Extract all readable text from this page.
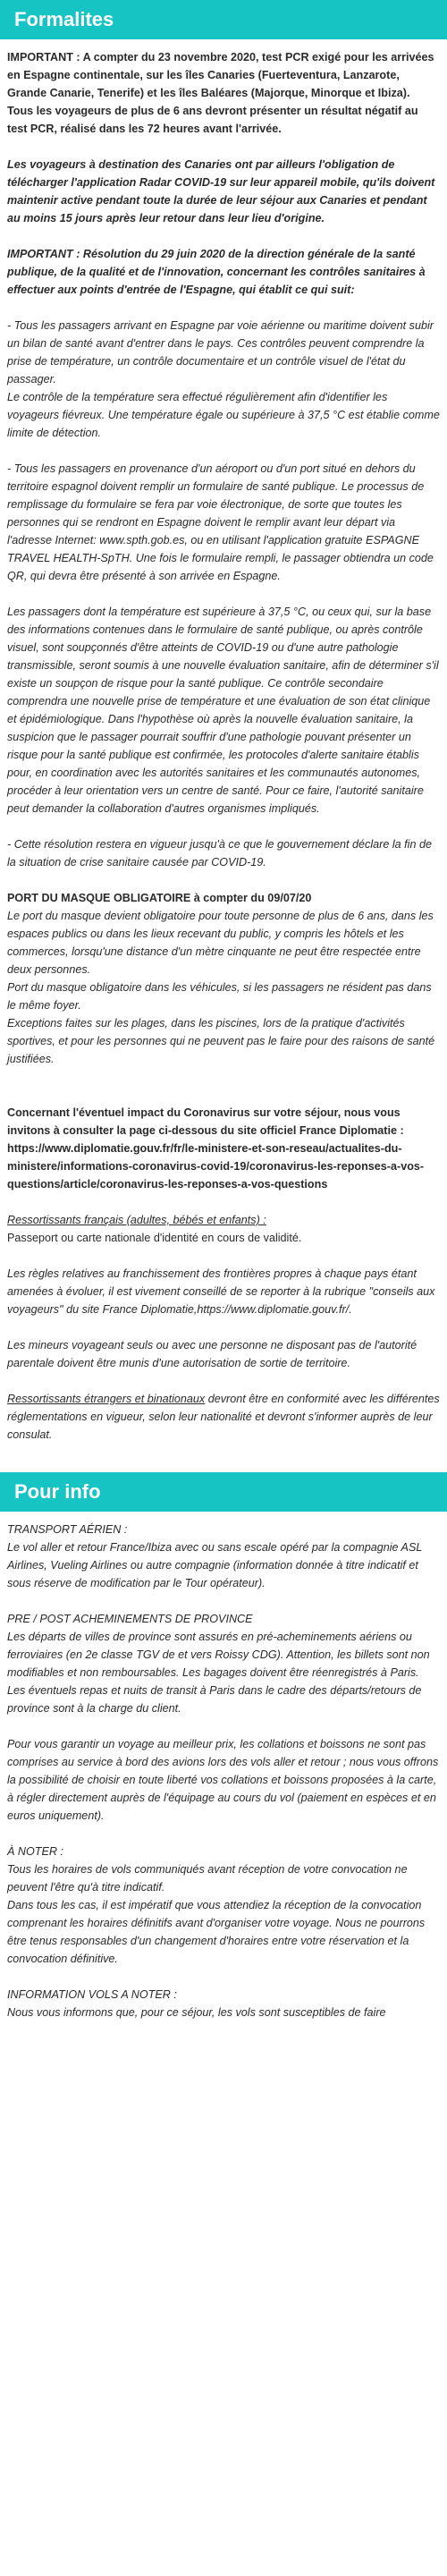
Formalites

IMPORTANT : A compter du 23 novembre 2020, test PCR exigé pour les arrivées en Espagne continentale, sur les îles Canaries (Fuerteventura, Lanzarote, Grande Canarie, Tenerife) et les îles Baléares (Majorque, Minorque et Ibiza).
Tous les voyageurs de plus de 6 ans devront présenter un résultat négatif au test PCR, réalisé dans les 72 heures avant l'arrivée.

Les voyageurs à destination des Canaries ont par ailleurs l'obligation de télécharger l'application Radar COVID-19 sur leur appareil mobile, qu'ils doivent maintenir active pendant toute la durée de leur séjour aux Canaries et pendant au moins 15 jours après leur retour dans leur lieu d'origine.

IMPORTANT : Résolution du 29 juin 2020 de la direction générale de la santé publique, de la qualité et de l'innovation, concernant les contrôles sanitaires à effectuer aux points d'entrée de l'Espagne, qui établit ce qui suit:

- Tous les passagers arrivant en Espagne par voie aérienne ou maritime doivent subir un bilan de santé avant d'entrer dans le pays. Ces contrôles peuvent comprendre la prise de température, un contrôle documentaire et un contrôle visuel de l'état du passager.
Le contrôle de la température sera effectué régulièrement afin d'identifier les voyageurs fiévreux. Une température égale ou supérieure à 37,5 °C est établie comme limite de détection.

- Tous les passagers en provenance d'un aéroport ou d'un port situé en dehors du territoire espagnol doivent remplir un formulaire de santé publique. Le processus de remplissage du formulaire se fera par voie électronique, de sorte que toutes les personnes qui se rendront en Espagne doivent le remplir avant leur départ via l'adresse Internet: www.spth.gob.es, ou en utilisant l'application gratuite ESPAGNE TRAVEL HEALTH-SpTH. Une fois le formulaire rempli, le passager obtiendra un code QR, qui devra être présenté à son arrivée en Espagne.

Les passagers dont la température est supérieure à 37,5 °C, ou ceux qui, sur la base des informations contenues dans le formulaire de santé publique, ou après contrôle visuel, sont soupçonnés d'être atteints de COVID-19 ou d'une autre pathologie transmissible, seront soumis à une nouvelle évaluation sanitaire, afin de déterminer s'il existe un soupçon de risque pour la santé publique. Ce contrôle secondaire comprendra une nouvelle prise de température et une évaluation de son état clinique et épidémiologique. Dans l'hypothèse où après la nouvelle évaluation sanitaire, la suspicion que le passager pourrait souffrir d'une pathologie pouvant présenter un risque pour la santé publique est confirmée, les protocoles d'alerte sanitaire établis pour, en coordination avec les autorités sanitaires et les communautés autonomes, procéder à leur orientation vers un centre de santé. Pour ce faire, l'autorité sanitaire peut demander la collaboration d'autres organismes impliqués.

- Cette résolution restera en vigueur jusqu'à ce que le gouvernement déclare la fin de la situation de crise sanitaire causée par COVID-19.

PORT DU MASQUE OBLIGATOIRE à compter du 09/07/20
Le port du masque devient obligatoire pour toute personne de plus de 6 ans, dans les espaces publics ou dans les lieux recevant du public, y compris les hôtels et les commerces, lorsqu'une distance d'un mètre cinquante ne peut être respectée entre deux personnes.
Port du masque obligatoire dans les véhicules, si les passagers ne résident pas dans le même foyer.
Exceptions faites sur les plages, dans les piscines, lors de la pratique d'activités sportives, et pour les personnes qui ne peuvent pas le faire pour des raisons de santé justifiées.

Concernant l'éventuel impact du Coronavirus sur votre séjour, nous vous invitons à consulter la page ci-dessous du site officiel France Diplomatie : https://www.diplomatie.gouv.fr/fr/le-ministere-et-son-reseau/actualites-du-ministere/informations-coronavirus-covid-19/coronavirus-les-reponses-a-vos-questions/article/coronavirus-les-reponses-a-vos-questions

Ressortissants français (adultes, bébés et enfants) :
Passeport ou carte nationale d'identité en cours de validité.

Les règles relatives au franchissement des frontières propres à chaque pays étant amenées à évoluer, il est vivement conseillé de se reporter à la rubrique "conseils aux voyageurs" du site France Diplomatie,https://www.diplomatie.gouv.fr/.

Les mineurs voyageant seuls ou avec une personne ne disposant pas de l'autorité parentale doivent être munis d'une autorisation de sortie de territoire.

Ressortissants étrangers et binationaux devront être en conformité avec les différentes réglementations en vigueur, selon leur nationalité et devront s'informer auprès de leur consulat.

Pour info

TRANSPORT AÉRIEN :
Le vol aller et retour France/Ibiza avec ou sans escale opéré par la compagnie ASL Airlines, Vueling Airlines ou autre compagnie (information donnée à titre indicatif et sous réserve de modification par le Tour opérateur).

PRE / POST ACHEMINEMENTS DE PROVINCE
Les départs de villes de province sont assurés en pré-acheminements aériens ou ferroviaires (en 2e classe TGV de et vers Roissy CDG). Attention, les billets sont non modifiables et non remboursables. Les bagages doivent être réenregistrés à Paris. Les éventuels repas et nuits de transit à Paris dans le cadre des départs/retours de province sont à la charge du client.

Pour vous garantir un voyage au meilleur prix, les collations et boissons ne sont pas comprises au service à bord des avions lors des vols aller et retour ; nous vous offrons la possibilité de choisir en toute liberté vos collations et boissons proposées à la carte, à régler directement auprès de l'équipage au cours du vol (paiement en espèces et en euros uniquement).

À NOTER :
Tous les horaires de vols communiqués avant réception de votre convocation ne peuvent l'être qu'à titre indicatif.
Dans tous les cas, il est impératif que vous attendiez la réception de la convocation comprenant les horaires définitifs avant d'organiser votre voyage. Nous ne pourrons être tenus responsables d'un changement d'horaires entre votre réservation et la convocation définitive.

INFORMATION VOLS A NOTER :
Nous vous informons que, pour ce séjour, les vols sont susceptibles de faire
